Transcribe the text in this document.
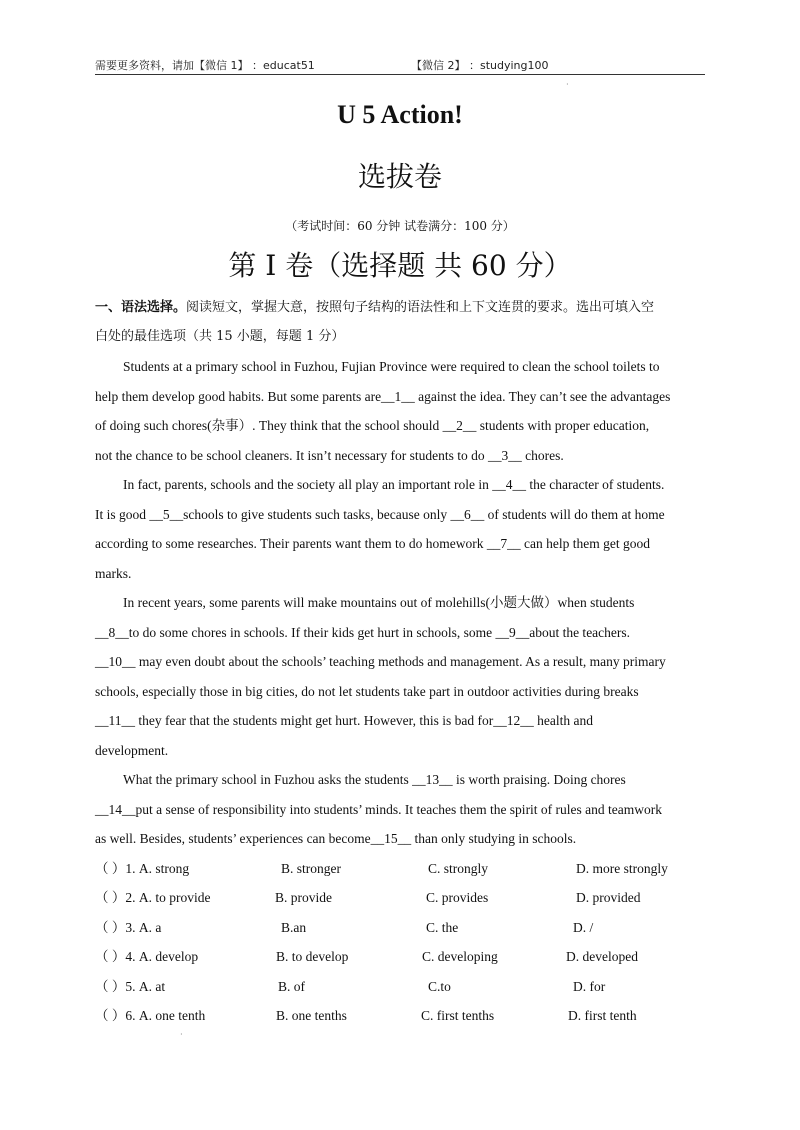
需要更多资料，请加【微信 1】 ：educat51	【微信 2】 ：studying100
·
U 5 Action!
选拔卷
（考试时间：60 分钟 试卷满分：100 分）
第 I 卷（选择题 共 60 分）
一、语法选择。阅读短文，掌握大意，按照句子结构的语法性和上下文连贯的要求。选出可填入空
白处的最佳选项（共 15 小题，每题 1 分）
Students at a primary school in Fuzhou, Fujian Province were required to clean the school toilets to
help them develop good habits. But some parents are__1__ against the idea. They can’t see the advantages
of doing such chores(杂事）. They think that the school should __2__ students with proper education,
not the chance to be school cleaners. It isn’t necessary for students to do __3__ chores.
In fact, parents, schools and the society all play an important role in __4__ the character of students.
It is good __5__schools to give students such tasks, because only __6__ of students will do them at home
according to some researches. Their parents want them to do homework __7__ can help them get good
marks.
In recent years, some parents will make mountains out of molehills(小题大做）when students
__8__to do some chores in schools. If their kids get hurt in schools, some __9__about the teachers.
__10__ may even doubt about the schools’ teaching methods and management. As a result, many primary
schools, especially those in big cities, do not let students take part in outdoor activities during breaks
__11__ they fear that the students might get hurt. However, this is bad for__12__ health and
development.
What the primary school in Fuzhou asks the students __13__ is worth praising. Doing chores
__14__put a sense of responsibility into students’ minds. It teaches them the spirit of rules and teamwork
as well. Besides, students’ experiences can become__15__ than only studying in schools.
（ ）1. A. strong	B. stronger	C. strongly	D. more strongly
（ ）2. A. to provide	B. provide	C. provides	D. provided
（ ）3. A. a	B.an	C. the	D. /
（ ）4. A. develop	B. to develop	C. developing	D. developed
（ ）5. A. at	B. of	C.to	D. for
（ ）6. A. one tenth	B. one tenths	C. first tenths	D. first tenth
·
